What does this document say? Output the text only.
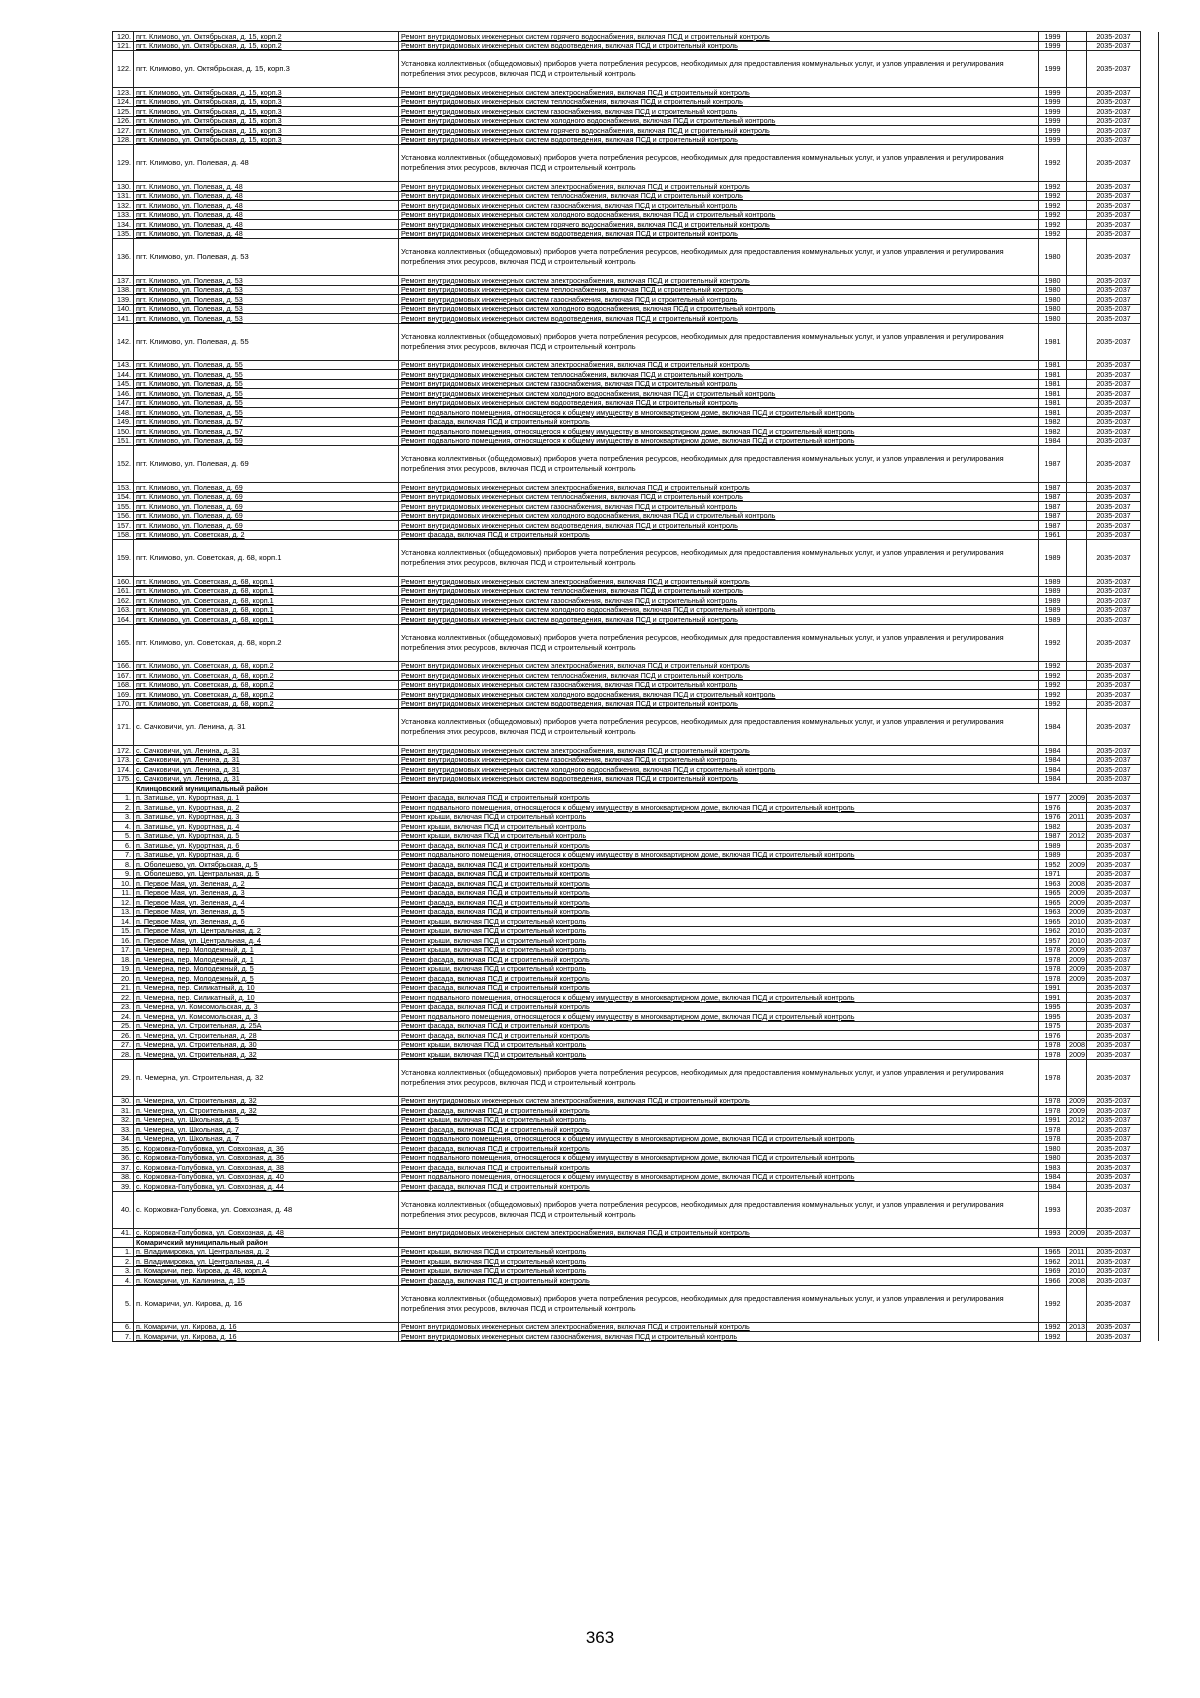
120.	пгт. Климово, ул. Октябрьская, д. 15, корп.2	Ремонт внутридомовых инженерных систем горячего водоснабжения, включая ПСД и строительный контроль	1999		2035-2037	
121.	пгт. Климово, ул. Октябрьская, д. 15, корп.2	Ремонт внутридомовых инженерных систем водоотведения, включая ПСД и строительный контроль	1999		2035-2037	
122.	пгт. Климово, ул. Октябрьская, д. 15, корп.3	Установка коллективных (общедомовых) приборов учета потребления ресурсов, необходимых для предоставления коммунальных услуг, и узлов управления и регулирования потребления этих ресурсов, включая ПСД и строительный контроль	1999		2035-2037	
123.	пгт. Климово, ул. Октябрьская, д. 15, корп.3	Ремонт внутридомовых инженерных систем электроснабжения, включая ПСД и строительный контроль	1999		2035-2037	
124.	пгт. Климово, ул. Октябрьская, д. 15, корп.3	Ремонт внутридомовых инженерных систем теплоснабжения, включая ПСД и строительный контроль	1999		2035-2037	
125.	пгт. Климово, ул. Октябрьская, д. 15, корп.3	Ремонт внутридомовых инженерных систем газоснабжения, включая ПСД и строительный контроль	1999		2035-2037	
126.	пгт. Климово, ул. Октябрьская, д. 15, корп.3	Ремонт внутридомовых инженерных систем холодного водоснабжения, включая ПСД и строительный контроль	1999		2035-2037	
127.	пгт. Климово, ул. Октябрьская, д. 15, корп.3	Ремонт внутридомовых инженерных систем горячего водоснабжения, включая ПСД и строительный контроль	1999		2035-2037	
128.	пгт. Климово, ул. Октябрьская, д. 15, корп.3	Ремонт внутридомовых инженерных систем водоотведения, включая ПСД и строительный контроль	1999		2035-2037	
129.	пгт. Климово, ул. Полевая, д. 48	Установка коллективных (общедомовых) приборов учета потребления ресурсов, необходимых для предоставления коммунальных услуг, и узлов управления и регулирования потребления этих ресурсов, включая ПСД и строительный контроль	1992		2035-2037	
130.	пгт. Климово, ул. Полевая, д. 48	Ремонт внутридомовых инженерных систем электроснабжения, включая ПСД и строительный контроль	1992		2035-2037	
131.	пгт. Климово, ул. Полевая, д. 48	Ремонт внутридомовых инженерных систем теплоснабжения, включая ПСД и строительный контроль	1992		2035-2037	
132.	пгт. Климово, ул. Полевая, д. 48	Ремонт внутридомовых инженерных систем газоснабжения, включая ПСД и строительный контроль	1992		2035-2037	
133.	пгт. Климово, ул. Полевая, д. 48	Ремонт внутридомовых инженерных систем холодного водоснабжения, включая ПСД и строительный контроль	1992		2035-2037	
134.	пгт. Климово, ул. Полевая, д. 48	Ремонт внутридомовых инженерных систем горячего водоснабжения, включая ПСД и строительный контроль	1992		2035-2037	
135.	пгт. Климово, ул. Полевая, д. 48	Ремонт внутридомовых инженерных систем водоотведения, включая ПСД и строительный контроль	1992		2035-2037	
136.	пгт. Климово, ул. Полевая, д. 53	Установка коллективных (общедомовых) приборов учета потребления ресурсов, необходимых для предоставления коммунальных услуг, и узлов управления и регулирования потребления этих ресурсов, включая ПСД и строительный контроль	1980		2035-2037	
137.	пгт. Климово, ул. Полевая, д. 53	Ремонт внутридомовых инженерных систем электроснабжения, включая ПСД и строительный контроль	1980		2035-2037	
138.	пгт. Климово, ул. Полевая, д. 53	Ремонт внутридомовых инженерных систем теплоснабжения, включая ПСД и строительный контроль	1980		2035-2037	
139.	пгт. Климово, ул. Полевая, д. 53	Ремонт внутридомовых инженерных систем газоснабжения, включая ПСД и строительный контроль	1980		2035-2037	
140.	пгт. Климово, ул. Полевая, д. 53	Ремонт внутридомовых инженерных систем холодного водоснабжения, включая ПСД и строительный контроль	1980		2035-2037	
141.	пгт. Климово, ул. Полевая, д. 53	Ремонт внутридомовых инженерных систем водоотведения, включая ПСД и строительный контроль	1980		2035-2037	
142.	пгт. Климово, ул. Полевая, д. 55	Установка коллективных (общедомовых) приборов учета потребления ресурсов, необходимых для предоставления коммунальных услуг, и узлов управления и регулирования потребления этих ресурсов, включая ПСД и строительный контроль	1981		2035-2037	
143.	пгт. Климово, ул. Полевая, д. 55	Ремонт внутридомовых инженерных систем электроснабжения, включая ПСД и строительный контроль	1981		2035-2037	
144.	пгт. Климово, ул. Полевая, д. 55	Ремонт внутридомовых инженерных систем теплоснабжения, включая ПСД и строительный контроль	1981		2035-2037	
145.	пгт. Климово, ул. Полевая, д. 55	Ремонт внутридомовых инженерных систем газоснабжения, включая ПСД и строительный контроль	1981		2035-2037	
146.	пгт. Климово, ул. Полевая, д. 55	Ремонт внутридомовых инженерных систем холодного водоснабжения, включая ПСД и строительный контроль	1981		2035-2037	
147.	пгт. Климово, ул. Полевая, д. 55	Ремонт внутридомовых инженерных систем водоотведения, включая ПСД и строительный контроль	1981		2035-2037	
148.	пгт. Климово, ул. Полевая, д. 55	Ремонт подвального помещения, относящегося к общему имуществу в многоквартирном доме, включая ПСД и строительный контроль	1981		2035-2037	
149.	пгт. Климово, ул. Полевая, д. 57	Ремонт фасада, включая ПСД и строительный контроль	1982		2035-2037	
150.	пгт. Климово, ул. Полевая, д. 57	Ремонт подвального помещения, относящегося к общему имуществу в многоквартирном доме, включая ПСД и строительный контроль	1982		2035-2037	
151.	пгт. Климово, ул. Полевая, д. 59	Ремонт подвального помещения, относящегося к общему имуществу в многоквартирном доме, включая ПСД и строительный контроль	1984		2035-2037	
152.	пгт. Климово, ул. Полевая, д. 69	Установка коллективных (общедомовых) приборов учета потребления ресурсов, необходимых для предоставления коммунальных услуг, и узлов управления и регулирования потребления этих ресурсов, включая ПСД и строительный контроль	1987		2035-2037	
153.	пгт. Климово, ул. Полевая, д. 69	Ремонт внутридомовых инженерных систем электроснабжения, включая ПСД и строительный контроль	1987		2035-2037	
154.	пгт. Климово, ул. Полевая, д. 69	Ремонт внутридомовых инженерных систем теплоснабжения, включая ПСД и строительный контроль	1987		2035-2037	
155.	пгт. Климово, ул. Полевая, д. 69	Ремонт внутридомовых инженерных систем газоснабжения, включая ПСД и строительный контроль	1987		2035-2037	
156.	пгт. Климово, ул. Полевая, д. 69	Ремонт внутридомовых инженерных систем холодного водоснабжения, включая ПСД и строительный контроль	1987		2035-2037	
157.	пгт. Климово, ул. Полевая, д. 69	Ремонт внутридомовых инженерных систем водоотведения, включая ПСД и строительный контроль	1987		2035-2037	
158.	пгт. Климово, ул. Советская, д. 2	Ремонт фасада, включая ПСД и строительный контроль	1961		2035-2037	
159.	пгт. Климово, ул. Советская, д. 68, корп.1	Установка коллективных (общедомовых) приборов учета потребления ресурсов, необходимых для предоставления коммунальных услуг, и узлов управления и регулирования потребления этих ресурсов, включая ПСД и строительный контроль	1989		2035-2037	
160.	пгт. Климово, ул. Советская, д. 68, корп.1	Ремонт внутридомовых инженерных систем электроснабжения, включая ПСД и строительный контроль	1989		2035-2037	
161.	пгт. Климово, ул. Советская, д. 68, корп.1	Ремонт внутридомовых инженерных систем теплоснабжения, включая ПСД и строительный контроль	1989		2035-2037	
162.	пгт. Климово, ул. Советская, д. 68, корп.1	Ремонт внутридомовых инженерных систем газоснабжения, включая ПСД и строительный контроль	1989		2035-2037	
163.	пгт. Климово, ул. Советская, д. 68, корп.1	Ремонт внутридомовых инженерных систем холодного водоснабжения, включая ПСД и строительный контроль	1989		2035-2037	
164.	пгт. Климово, ул. Советская, д. 68, корп.1	Ремонт внутридомовых инженерных систем водоотведения, включая ПСД и строительный контроль	1989		2035-2037	
165.	пгт. Климово, ул. Советская, д. 68, корп.2	Установка коллективных (общедомовых) приборов учета потребления ресурсов, необходимых для предоставления коммунальных услуг, и узлов управления и регулирования потребления этих ресурсов, включая ПСД и строительный контроль	1992		2035-2037	
166.	пгт. Климово, ул. Советская, д. 68, корп.2	Ремонт внутридомовых инженерных систем электроснабжения, включая ПСД и строительный контроль	1992		2035-2037	
167.	пгт. Климово, ул. Советская, д. 68, корп.2	Ремонт внутридомовых инженерных систем теплоснабжения, включая ПСД и строительный контроль	1992		2035-2037	
168.	пгт. Климово, ул. Советская, д. 68, корп.2	Ремонт внутридомовых инженерных систем газоснабжения, включая ПСД и строительный контроль	1992		2035-2037	
169.	пгт. Климово, ул. Советская, д. 68, корп.2	Ремонт внутридомовых инженерных систем холодного водоснабжения, включая ПСД и строительный контроль	1992		2035-2037	
170.	пгт. Климово, ул. Советская, д. 68, корп.2	Ремонт внутридомовых инженерных систем водоотведения, включая ПСД и строительный контроль	1992		2035-2037	
171.	с. Сачковичи, ул. Ленина, д. 31	Установка коллективных (общедомовых) приборов учета потребления ресурсов, необходимых для предоставления коммунальных услуг, и узлов управления и регулирования потребления этих ресурсов, включая ПСД и строительный контроль	1984		2035-2037	
172.	с. Сачковичи, ул. Ленина, д. 31	Ремонт внутридомовых инженерных систем электроснабжения, включая ПСД и строительный контроль	1984		2035-2037	
173.	с. Сачковичи, ул. Ленина, д. 31	Ремонт внутридомовых инженерных систем газоснабжения, включая ПСД и строительный контроль	1984		2035-2037	
174.	с. Сачковичи, ул. Ленина, д. 31	Ремонт внутридомовых инженерных систем холодного водоснабжения, включая ПСД и строительный контроль	1984		2035-2037	
175.	с. Сачковичи, ул. Ленина, д. 31	Ремонт внутридомовых инженерных систем водоотведения, включая ПСД и строительный контроль	1984		2035-2037	
	Клинцовский муниципальный район					
1.	п. Затишье, ул. Курортная, д. 1	Ремонт фасада, включая ПСД и строительный контроль	1977	2009	2035-2037	
2.	п. Затишье, ул. Курортная, д. 2	Ремонт подвального помещения, относящегося к общему имуществу в многоквартирном доме, включая ПСД и строительный контроль	1976		2035-2037	
3.	п. Затишье, ул. Курортная, д. 3	Ремонт крыши, включая ПСД и строительный контроль	1976	2011	2035-2037	
4.	п. Затишье, ул. Курортная, д. 4	Ремонт крыши, включая ПСД и строительный контроль	1982		2035-2037	
5.	п. Затишье, ул. Курортная, д. 5	Ремонт крыши, включая ПСД и строительный контроль	1987	2012	2035-2037	
6.	п. Затишье, ул. Курортная, д. 6	Ремонт фасада, включая ПСД и строительный контроль	1989		2035-2037	
7.	п. Затишье, ул. Курортная, д. 6	Ремонт подвального помещения, относящегося к общему имуществу в многоквартирном доме, включая ПСД и строительный контроль	1989		2035-2037	
8.	п. Оболешево, ул. Октябрьская, д. 5	Ремонт фасада, включая ПСД и строительный контроль	1952	2009	2035-2037	
9.	п. Оболешево, ул. Центральная, д. 5	Ремонт фасада, включая ПСД и строительный контроль	1971		2035-2037	
10.	п. Первое Мая, ул. Зеленая, д. 2	Ремонт фасада, включая ПСД и строительный контроль	1963	2008	2035-2037	
11.	п. Первое Мая, ул. Зеленая, д. 3	Ремонт фасада, включая ПСД и строительный контроль	1965	2009	2035-2037	
12.	п. Первое Мая, ул. Зеленая, д. 4	Ремонт фасада, включая ПСД и строительный контроль	1965	2009	2035-2037	
13.	п. Первое Мая, ул. Зеленая, д. 5	Ремонт фасада, включая ПСД и строительный контроль	1963	2009	2035-2037	
14.	п. Первое Мая, ул. Зеленая, д. 6	Ремонт крыши, включая ПСД и строительный контроль	1965	2010	2035-2037	
15.	п. Первое Мая, ул. Центральная, д. 2	Ремонт крыши, включая ПСД и строительный контроль	1962	2010	2035-2037	
16.	п. Первое Мая, ул. Центральная, д. 4	Ремонт крыши, включая ПСД и строительный контроль	1957	2010	2035-2037	
17.	п. Чемерна, пер. Молодежный, д. 1	Ремонт крыши, включая ПСД и строительный контроль	1978	2009	2035-2037	
18.	п. Чемерна, пер. Молодежный, д. 1	Ремонт фасада, включая ПСД и строительный контроль	1978	2009	2035-2037	
19.	п. Чемерна, пер. Молодежный, д. 5	Ремонт крыши, включая ПСД и строительный контроль	1978	2009	2035-2037	
20.	п. Чемерна, пер. Молодежный, д. 5	Ремонт фасада, включая ПСД и строительный контроль	1978	2009	2035-2037	
21.	п. Чемерна, пер. Силикатный, д. 10	Ремонт фасада, включая ПСД и строительный контроль	1991		2035-2037	
22.	п. Чемерна, пер. Силикатный, д. 10	Ремонт подвального помещения, относящегося к общему имуществу в многоквартирном доме, включая ПСД и строительный контроль	1991		2035-2037	
23.	п. Чемерна, ул. Комсомольская, д. 3	Ремонт фасада, включая ПСД и строительный контроль	1995		2035-2037	
24.	п. Чемерна, ул. Комсомольская, д. 3	Ремонт подвального помещения, относящегося к общему имуществу в многоквартирном доме, включая ПСД и строительный контроль	1995		2035-2037	
25.	п. Чемерна, ул. Строительная, д. 25А	Ремонт фасада, включая ПСД и строительный контроль	1975		2035-2037	
26.	п. Чемерна, ул. Строительная, д. 28	Ремонт фасада, включая ПСД и строительный контроль	1976		2035-2037	
27.	п. Чемерна, ул. Строительная, д. 30	Ремонт крыши, включая ПСД и строительный контроль	1978	2008	2035-2037	
28.	п. Чемерна, ул. Строительная, д. 32	Ремонт крыши, включая ПСД и строительный контроль	1978	2009	2035-2037	
29.	п. Чемерна, ул. Строительная, д. 32	Установка коллективных (общедомовых) приборов учета потребления ресурсов, необходимых для предоставления коммунальных услуг, и узлов управления и регулирования потребления этих ресурсов, включая ПСД и строительный контроль	1978		2035-2037	
30.	п. Чемерна, ул. Строительная, д. 32	Ремонт внутридомовых инженерных систем электроснабжения, включая ПСД и строительный контроль	1978	2009	2035-2037	
31.	п. Чемерна, ул. Строительная, д. 32	Ремонт фасада, включая ПСД и строительный контроль	1978	2009	2035-2037	
32.	п. Чемерна, ул. Школьная, д. 5	Ремонт крыши, включая ПСД и строительный контроль	1991	2012	2035-2037	
33.	п. Чемерна, ул. Школьная, д. 7	Ремонт фасада, включая ПСД и строительный контроль	1978		2035-2037	
34.	п. Чемерна, ул. Школьная, д. 7	Ремонт подвального помещения, относящегося к общему имуществу в многоквартирном доме, включая ПСД и строительный контроль	1978		2035-2037	
35.	с. Коржовка-Голубовка, ул. Совхозная, д. 36	Ремонт фасада, включая ПСД и строительный контроль	1980		2035-2037	
36.	с. Коржовка-Голубовка, ул. Совхозная, д. 36	Ремонт подвального помещения, относящегося к общему имуществу в многоквартирном доме, включая ПСД и строительный контроль	1980		2035-2037	
37.	с. Коржовка-Голубовка, ул. Совхозная, д. 38	Ремонт фасада, включая ПСД и строительный контроль	1983		2035-2037	
38.	с. Коржовка-Голубовка, ул. Совхозная, д. 40	Ремонт подвального помещения, относящегося к общему имуществу в многоквартирном доме, включая ПСД и строительный контроль	1984		2035-2037	
39.	с. Коржовка-Голубовка, ул. Совхозная, д. 44	Ремонт фасада, включая ПСД и строительный контроль	1984		2035-2037	
40.	с. Коржовка-Голубовка, ул. Совхозная, д. 48	Установка коллективных (общедомовых) приборов учета потребления ресурсов, необходимых для предоставления коммунальных услуг, и узлов управления и регулирования потребления этих ресурсов, включая ПСД и строительный контроль	1993		2035-2037	
41.	с. Коржовка-Голубовка, ул. Совхозная, д. 48	Ремонт внутридомовых инженерных систем электроснабжения, включая ПСД и строительный контроль	1993	2009	2035-2037	
	Комаричский муниципальный район					
1.	п. Владимировка, ул. Центральная, д. 2	Ремонт крыши, включая ПСД и строительный контроль	1965	2011	2035-2037	
2.	п. Владимировка, ул. Центральная, д. 4	Ремонт крыши, включая ПСД и строительный контроль	1962	2011	2035-2037	
3.	п. Комаричи, пер. Кирова, д. 48, корп.А	Ремонт крыши, включая ПСД и строительный контроль	1969	2010	2035-2037	
4.	п. Комаричи, ул. Калинина, д. 15	Ремонт фасада, включая ПСД и строительный контроль	1966	2008	2035-2037	
5.	п. Комаричи, ул. Кирова, д. 16	Установка коллективных (общедомовых) приборов учета потребления ресурсов, необходимых для предоставления коммунальных услуг, и узлов управления и регулирования потребления этих ресурсов, включая ПСД и строительный контроль	1992		2035-2037	
6.	п. Комаричи, ул. Кирова, д. 16	Ремонт внутридомовых инженерных систем электроснабжения, включая ПСД и строительный контроль	1992	2013	2035-2037	
7.	п. Комаричи, ул. Кирова, д. 16	Ремонт внутридомовых инженерных систем газоснабжения, включая ПСД и строительный контроль	1992		2035-2037	
363
